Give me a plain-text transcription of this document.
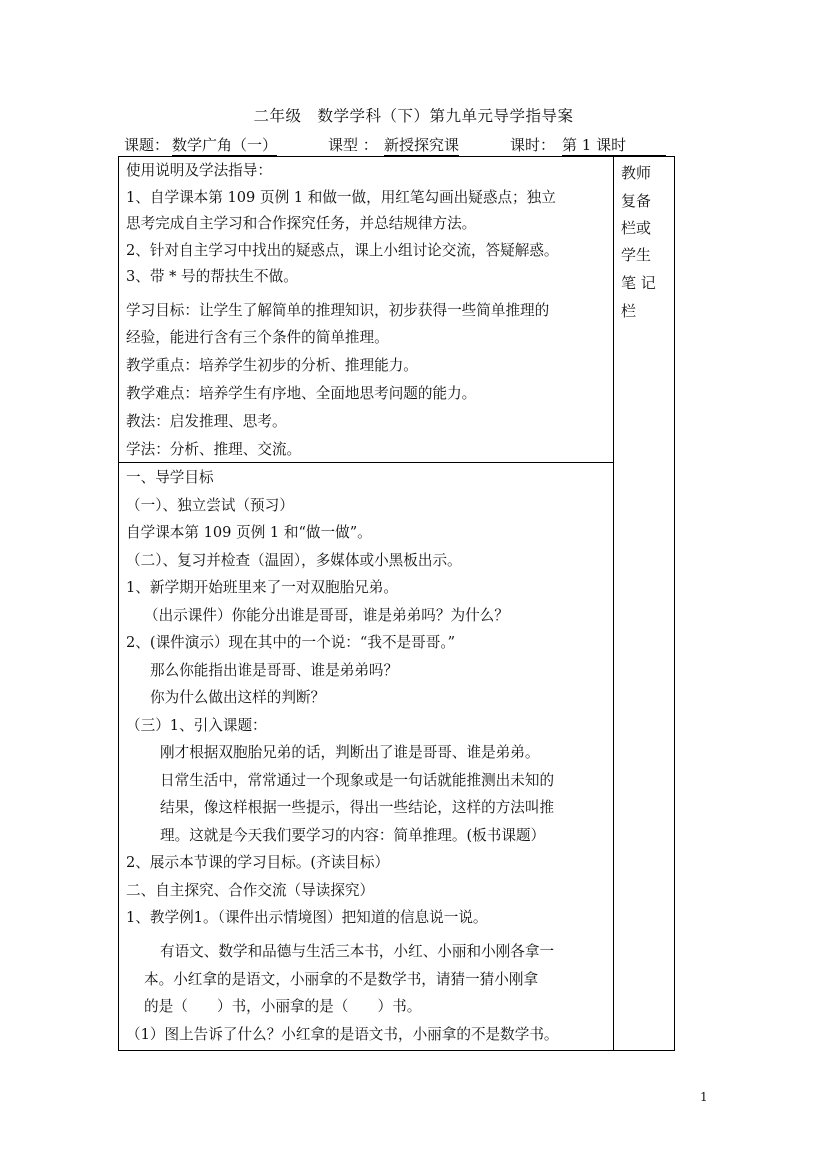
二年级　数学学科（下）第九单元导学指导案
课题： 数学广角（一）	课型 ： 新授探究课	课时： 第 1 课时
使用说明及学法指导：
1、自学课本第 109 页例 1 和做一做，用红笔勾画出疑惑点；独立
思考完成自主学习和合作探究任务，并总结规律方法。
2、针对自主学习中找出的疑惑点，课上小组讨论交流，答疑解惑。
3、带 * 号的帮扶生不做。
学习目标：让学生了解简单的推理知识，初步获得一些简单推理的
经验，能进行含有三个条件的简单推理。
教学重点：培养学生初步的分析、推理能力。
教学难点：培养学生有序地、全面地思考问题的能力。
教法：启发推理、思考。
学法：分析、推理、交流。
一、导学目标
（一）、独立尝试（预习）
自学课本第 109 页例 1 和“做一做”。
（二）、复习并检查（温固），多媒体或小黑板出示。
1、新学期开始班里来了一对双胞胎兄弟。
（出示课件）你能分出谁是哥哥，谁是弟弟吗？为什么？
2、(课件演示）现在其中的一个说：“我不是哥哥。”
那么你能指出谁是哥哥、谁是弟弟吗？
你为什么做出这样的判断？
（三）1、引入课题：
刚才根据双胞胎兄弟的话，判断出了谁是哥哥、谁是弟弟。
日常生活中，常常通过一个现象或是一句话就能推测出未知的
结果，像这样根据一些提示，得出一些结论，这样的方法叫推
理。这就是今天我们要学习的内容：简单推理。(板书课题）
2、展示本节课的学习目标。(齐读目标）
二、自主探究、合作交流（导读探究）
1、教学例1。（课件出示情境图）把知道的信息说一说。
有语文、数学和品德与生活三本书，小红、小丽和小刚各拿一
本。小红拿的是语文，小丽拿的不是数学书，请猜一猜小刚拿
的是（　　）书，小丽拿的是（　　）书。
（1）图上告诉了什么？小红拿的是语文书，小丽拿的不是数学书。
教师
复备
栏或
学生
笔 记
栏
1
